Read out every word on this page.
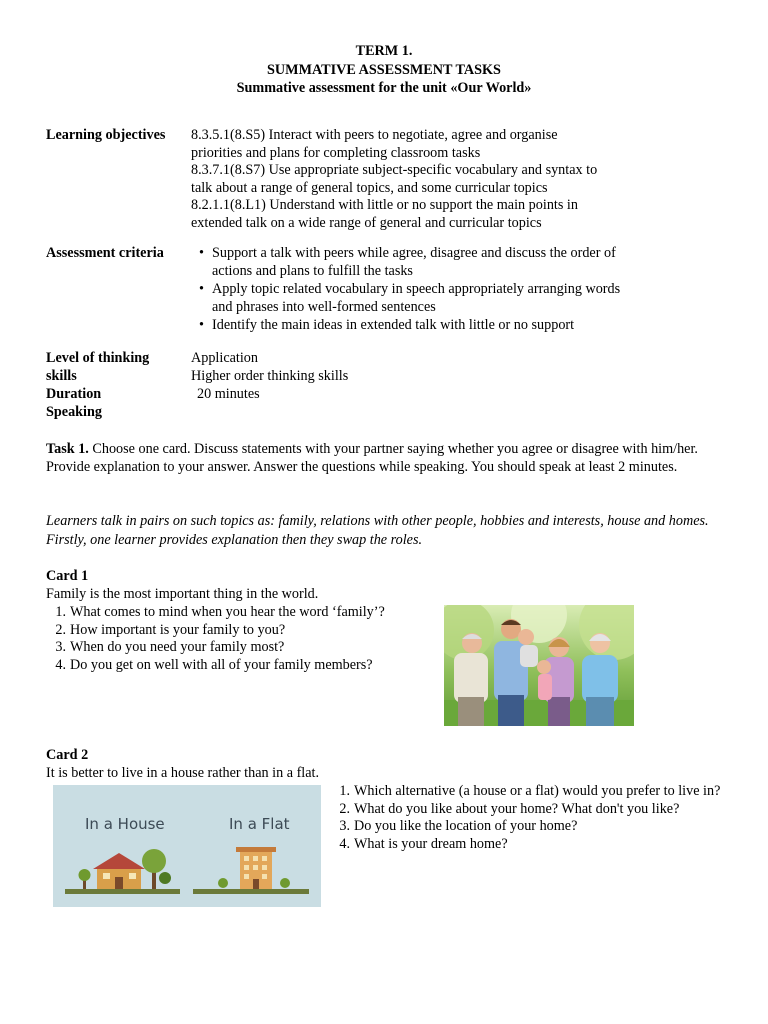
TERM 1.
SUMMATIVE ASSESSMENT TASKS
Summative assessment for the unit «Our World»
Learning objectives 8.3.5.1(8.S5) Interact with peers to negotiate, agree and organise
priorities and plans for completing classroom tasks
8.3.7.1(8.S7) Use appropriate subject-specific vocabulary and syntax to
talk about a range of general topics, and some curricular topics
8.2.1.1(8.L1) Understand with little or no support the main points in
extended talk on a wide range of general and curricular topics
Assessment criteria
•	Support a talk with peers while agree, disagree and discuss the order of actions and plans to fulfill the tasks
• Apply topic related vocabulary in speech appropriately arranging words and phrases into well-formed sentences
• Identify the main ideas in extended talk with little or no support
Level of thinking
skills
Application
Higher order thinking skills
Duration	20 minutes
Speaking
Task 1. Choose one card. Discuss statements with your partner saying whether you agree or disagree with him/her. Provide explanation to your answer. Answer the questions while speaking. You should speak at least 2 minutes.
Learners talk in pairs on such topics as: family, relations with other people, hobbies and interests, house and homes. Firstly, one learner provides explanation then they swap the roles.
Card 1
Family is the most important thing in the world.
1. What comes to mind when you hear the word ‘family’?
2. How important is your family to you?
3. When do you need your family most?
4. Do you get on well with all of your family members?
Card 2
It is better to live in a house rather than in a flat.
In a House	In a Flat
1. Which alternative (a house or a flat) would you prefer to live in?
2. What do you like about your home? What don't you like?
3. Do you like the location of your home?
4. What is your dream home?
